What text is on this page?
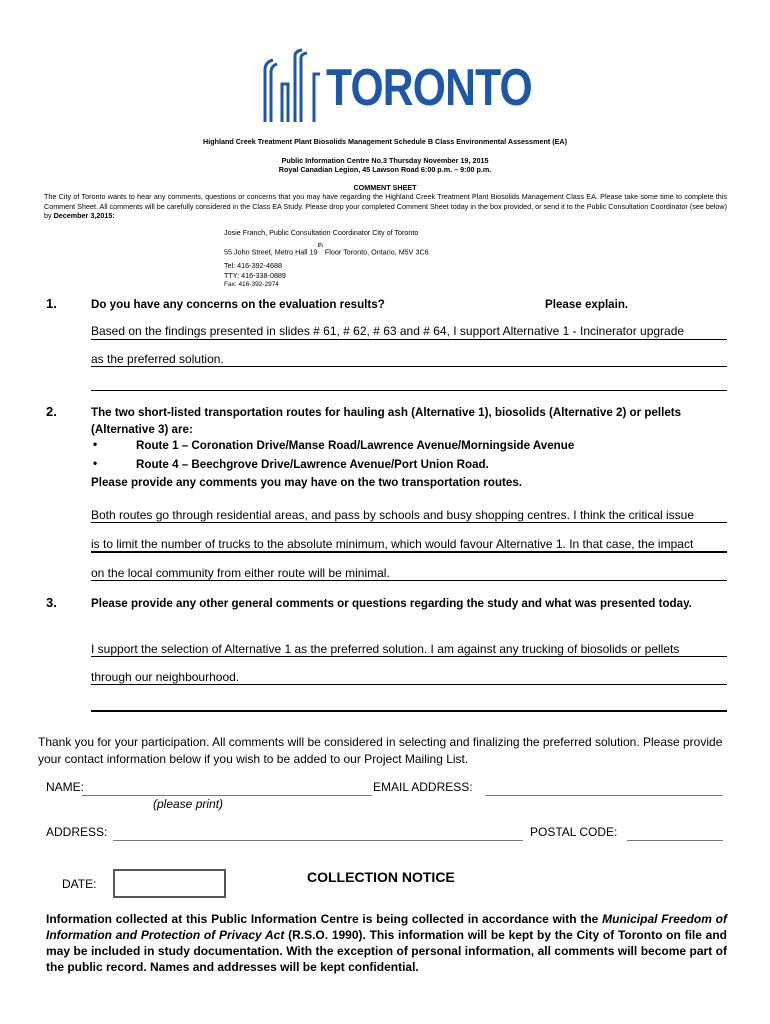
TORONTO
Highland Creek Treatment Plant Biosolids Management Schedule B Class Environmental Assessment (EA)
Public Information Centre No.3 Thursday November 19, 2015
Royal Canadian Legion, 45 Lawson Road 6:00 p.m. – 9:00 p.m.
COMMENT SHEET
The City of Toronto wants to hear any comments, questions or concerns that you may have regarding the Highland Creek Treatment Plant Biosolids Management Class EA. Please take some time to complete this Comment Sheet. All comments will be carefully considered in the Class EA Study. Please drop your completed Comment Sheet today in the box provided, or send it to the Public Consultation Coordinator (see below) by December 3,2015:
Josie Franch, Public Consultation Coordinator City of Toronto
55 John Street, Metro Hall 19th Floor Toronto, Ontario, M5V 3C6
Tel: 416-392-4688
TTY: 416-338-0889
Fax: 416-392-2974
1.	Do you have any concerns on the evaluation results?	Please explain.
Based on the findings presented in slides # 61, # 62, # 63 and # 64, I support Alternative 1 - Incinerator upgrade
as the preferred solution.
2.	The two short-listed transportation routes for hauling ash (Alternative 1), biosolids (Alternative 2) or pellets (Alternative 3) are:
•	Route 1 – Coronation Drive/Manse Road/Lawrence Avenue/Morningside Avenue
•	Route 4 – Beechgrove Drive/Lawrence Avenue/Port Union Road.
Please provide any comments you may have on the two transportation routes.
Both routes go through residential areas, and pass by schools and busy shopping centres. I think the critical issue
is to limit the number of trucks to the absolute minimum, which would favour Alternative 1. In that case, the impact
on the local community from either route will be minimal.
3.	Please provide any other general comments or questions regarding the study and what was presented today.
I support the selection of Alternative 1 as the preferred solution. I am against any trucking of biosolids or pellets
through our neighbourhood.
Thank you for your participation. All comments will be considered in selecting and finalizing the preferred solution. Please provide your contact information below if you wish to be added to our Project Mailing List.
NAME:
(please print)
EMAIL ADDRESS:
ADDRESS:	POSTAL CODE:
DATE:	COLLECTION NOTICE
Information collected at this Public Information Centre is being collected in accordance with the Municipal Freedom of Information and Protection of Privacy Act (R.S.O. 1990). This information will be kept by the City of Toronto on file and may be included in study documentation. With the exception of personal information, all comments will become part of the public record. Names and addresses will be kept confidential.
